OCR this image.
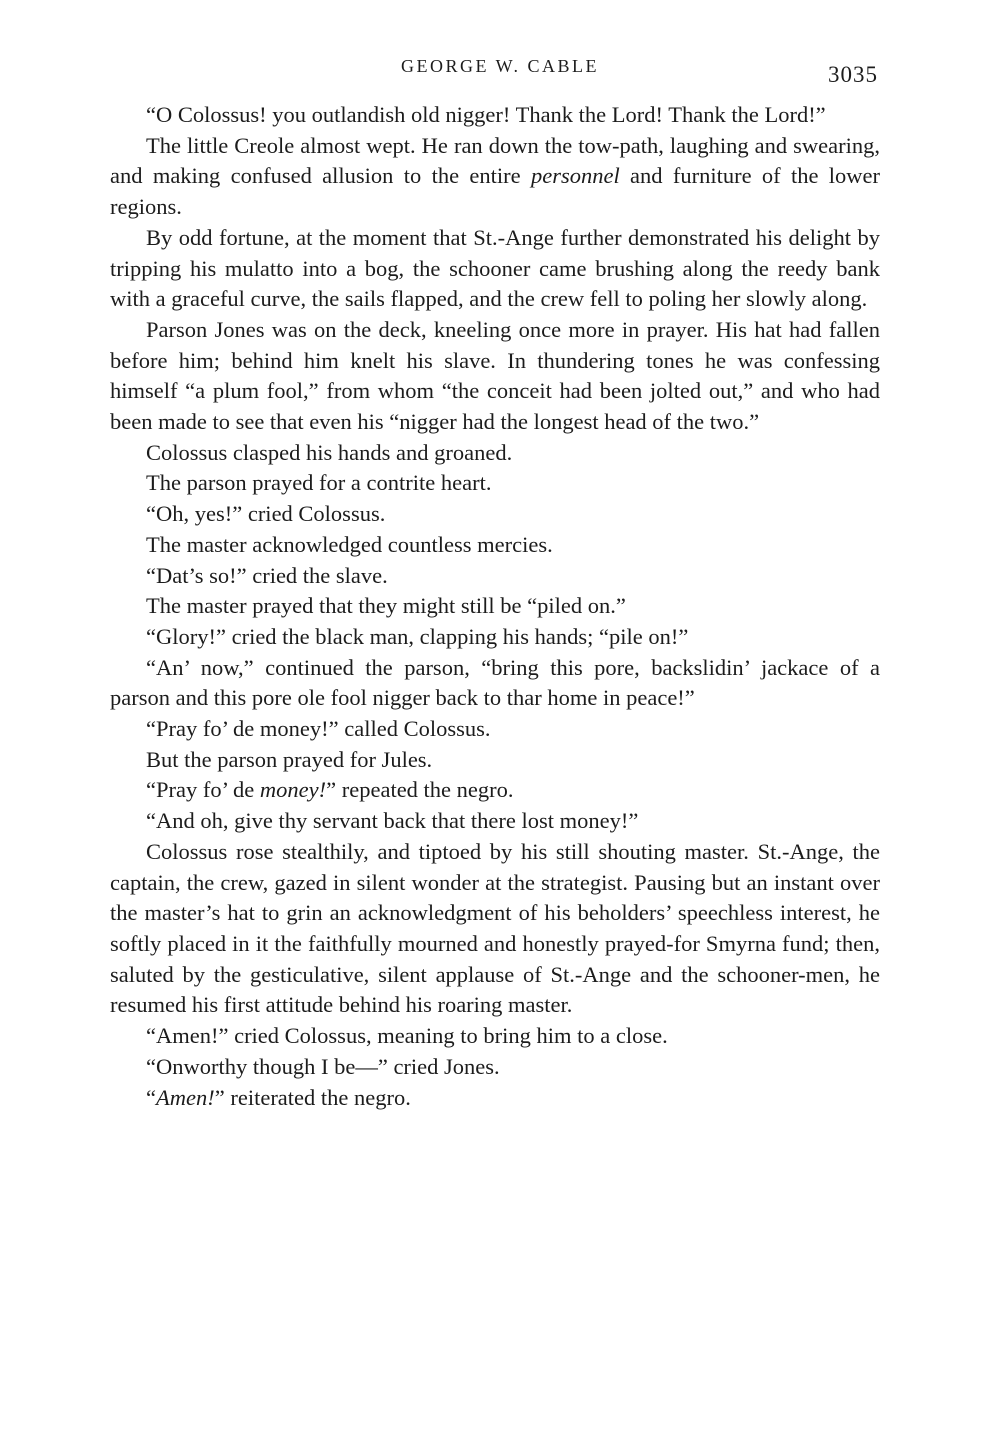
GEORGE W. CABLE	3035

“O Colossus! you outlandish old nigger! Thank the Lord! Thank the Lord!”

The little Creole almost wept. He ran down the tow-path, laughing and swearing, and making confused allusion to the entire personnel and furniture of the lower regions.

By odd fortune, at the moment that St.-Ange further demonstrated his delight by tripping his mulatto into a bog, the schooner came brushing along the reedy bank with a graceful curve, the sails flapped, and the crew fell to poling her slowly along.

Parson Jones was on the deck, kneeling once more in prayer. His hat had fallen before him; behind him knelt his slave. In thundering tones he was confessing himself “a plum fool,” from whom “the conceit had been jolted out,” and who had been made to see that even his “nigger had the longest head of the two.”

Colossus clasped his hands and groaned.

The parson prayed for a contrite heart.

“Oh, yes!” cried Colossus.

The master acknowledged countless mercies.

“Dat’s so!” cried the slave.

The master prayed that they might still be “piled on.”

“Glory!” cried the black man, clapping his hands; “pile on!”

“An’ now,” continued the parson, “bring this pore, backslidin’ jackace of a parson and this pore ole fool nigger back to thar home in peace!”

“Pray fo’ de money!” called Colossus.

But the parson prayed for Jules.

“Pray fo’ de money!” repeated the negro.

“And oh, give thy servant back that there lost money!”

Colossus rose stealthily, and tiptoed by his still shouting master. St.-Ange, the captain, the crew, gazed in silent wonder at the strategist. Pausing but an instant over the master’s hat to grin an acknowledgment of his beholders’ speechless interest, he softly placed in it the faithfully mourned and honestly prayed-for Smyrna fund; then, saluted by the gesticulative, silent applause of St.-Ange and the schooner-men, he resumed his first attitude behind his roaring master.

“Amen!” cried Colossus, meaning to bring him to a close.

“Onworthy though I be—” cried Jones.

“Amen!” reiterated the negro.
